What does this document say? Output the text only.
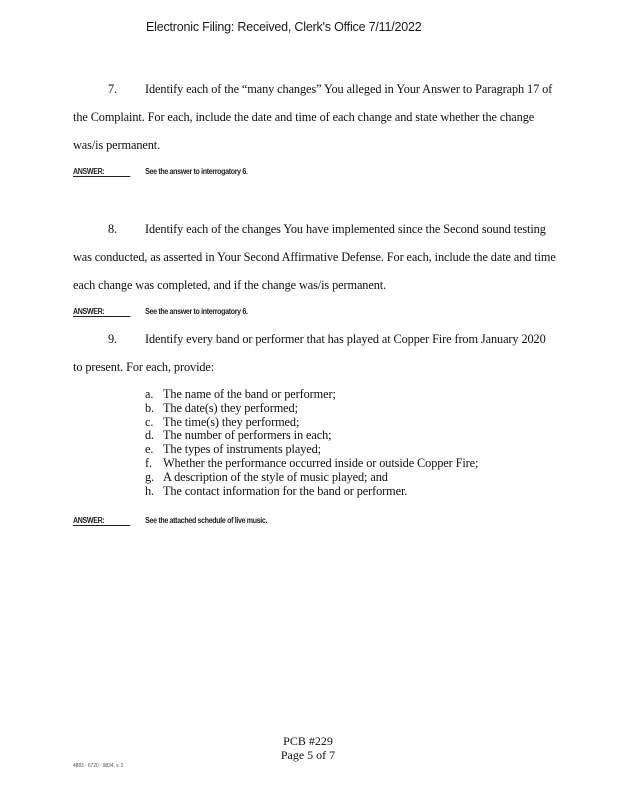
Electronic Filing: Received, Clerk's Office 7/11/2022
7. Identify each of the “many changes” You alleged in Your Answer to Paragraph 17 of
the Complaint. For each, include the date and time of each change and state whether the change
was/is permanent.
ANSWER:	See the answer to interrogatory 6.
8. Identify each of the changes You have implemented since the Second sound testing
was conducted, as asserted in Your Second Affirmative Defense. For each, include the date and time
each change was completed, and if the change was/is permanent.
ANSWER:	See the answer to interrogatory 6.
9. Identify every band or performer that has played at Copper Fire from January 2020
to present. For each, provide:
a. The name of the band or performer;
b. The date(s) they performed;
c. The time(s) they performed;
d. The number of performers in each;
e. The types of instruments played;
f. Whether the performance occurred inside or outside Copper Fire;
g. A description of the style of music played; and
h. The contact information for the band or performer.
ANSWER:	See the attached schedule of live music.
PCB #229
Page 5 of 7
4883 · 6720 · 9834, v. 2
